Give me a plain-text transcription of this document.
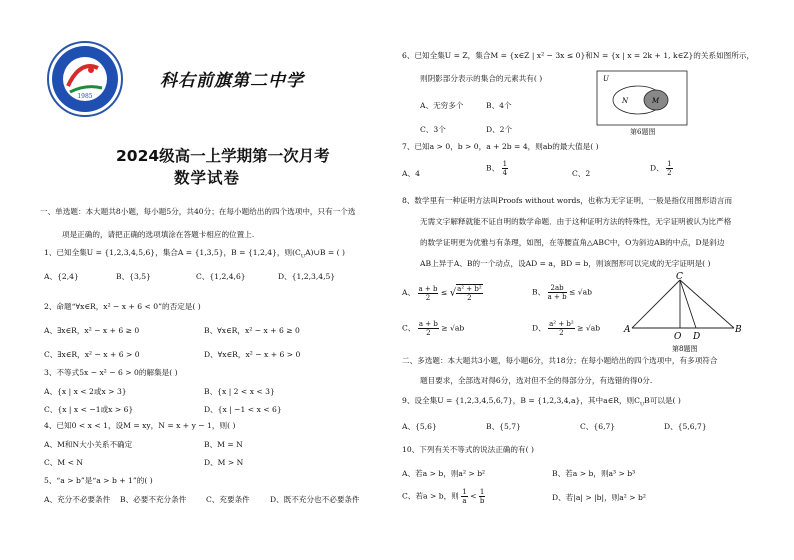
1985
科右前旗第二中学
2024级高一上学期第一次月考
数学试卷
一、单选题：本大题共8小题，每小题5分，共40分；在每小题给出的四个选项中，只有一个选
项是正确的，请把正确的选项填涂在答题卡相应的位置上.
1、已知全集U = {1,2,3,4,5,6}，集合A = {1,3,5}，B = {1,2,4}，则$(C_UA)\cup B$ = ( )
A、{2,4}	B、{3,5}	C、{1,2,4,6}	D、{1,2,3,4,5}
2、命题“∀x∈R，x² − x + 6 < 0”的否定是( )
A、∃x∈R，x² − x + 6 ≥ 0	B、∀x∈R，x² − x + 6 ≥ 0
C、∃x∈R，x² − x + 6 > 0	D、∀x∈R，x² − x + 6 > 0
3、不等式5x − x² − 6 > 0的解集是( )
A、{x | x < 2或x > 3}	B、{x | 2 < x < 3}
C、{x | x < −1或x > 6}	D、{x | −1 < x < 6}
4、已知0 < x < 1，设M = xy，N = x + y − 1，则( )
A、M和N大小关系不确定	B、M = N
C、M < N	D、M > N
5、“a > b”是“a > b + 1”的( )
A、充分不必要条件 B、必要不充分条件	C、充要条件	D、既不充分也不必要条件
6、已知全集U = Z，集合M = {x∈Z | x² − 3x ≤ 0}和N = {x | x = 2k + 1, k∈Z}的关系如图所示，
则阴影部分表示的集合的元素共有( )
A、无穷多个	B、4个
C、3个	D、2个
U
N	M
第6题图
7、已知a > 0，b > 0，a + 2b = 4，则ab的最大值是( )
A、4
B、 $\frac{1}{4}$	C、2
D、 $\frac{1}{2}$
8、数学里有一种证明方法叫Proofs without words，也称为无字证明，一般是指仅用图形语言而
无需文字解释就能不证自明的数学命题．由于这种证明方法的特殊性，无字证明被认为比严格
的数学证明更为优雅与有条理，如图，在等腰直角△ABC中，O为斜边AB的中点，D是斜边
AB上异于A、B的一个动点，设AD = a，BD = b，则该图形可以完成的无字证明是( )
A、 $\frac{a + b}{2}$ ≤ √ $\frac{\text{a² + b²}}{2}$	B、 $\frac{2ab}{a + b} \le √ab$
C、 $\frac{a + b}{2} \ge √ab$	D、 $\frac{\text{a² + b²}}{2} \ge √ab$	A	B
C
O D
第8题图
二、多选题：本大题共3小题，每小题6分，共18分；在每小题给出的四个选项中，有多项符合
题目要求，全部选对得6分，选对但不全的得部分分，有选错的得0分.
9、设全集U = {1,2,3,4,5,6,7}，B = {1,2,3,4,a}，其中a∈R，则$C_UB$可以是( )
A、{5,6}	B、{5,7}	C、{6,7}	D、{5,6,7}
10、下列有关不等式的说法正确的有( )
A、若a > b，则a² > b²	B、若a > b，则a³ > b³
C、若a > b，则 $\frac{1}{a} < \frac{1}{b}$	D、若|a| > |b|，则a² > b²
